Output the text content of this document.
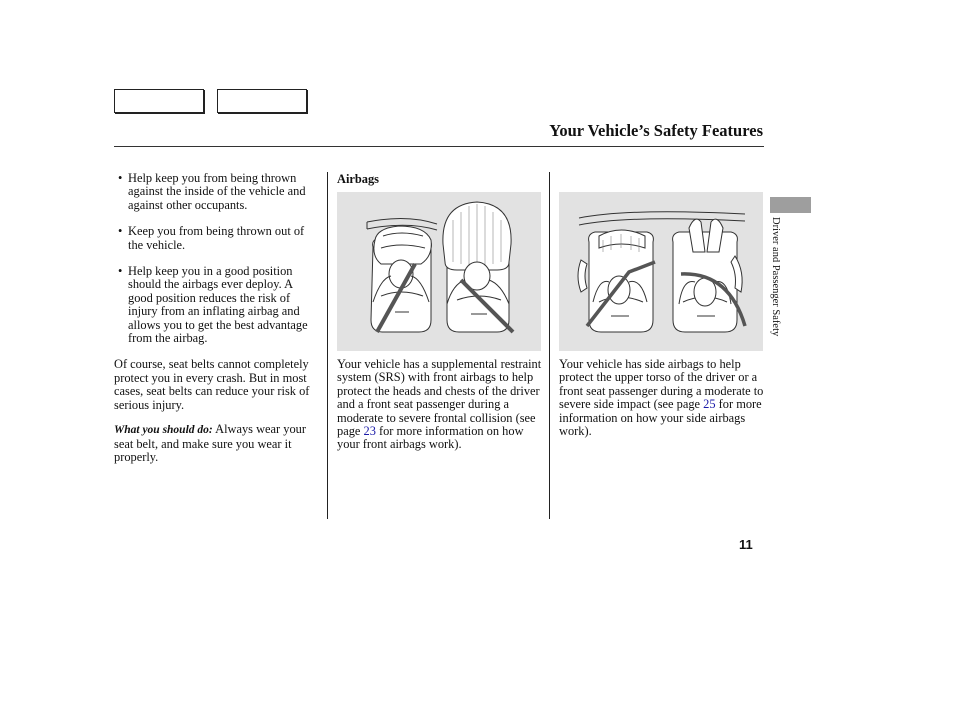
Your Vehicle’s Safety Features
• Help keep you from being thrown against the inside of the vehicle and against other occupants.
• Keep you from being thrown out of the vehicle.
• Help keep you in a good position should the airbags ever deploy. A good position reduces the risk of injury from an inflating airbag and allows you to get the best advantage from the airbag.

Of course, seat belts cannot completely protect you in every crash. But in most cases, seat belts can reduce your risk of serious injury.

What you should do: Always wear your seat belt, and make sure you wear it properly.

Airbags

Your vehicle has a supplemental restraint system (SRS) with front airbags to help protect the heads and chests of the driver and a front seat passenger during a moderate to severe frontal collision (see page 23 for more information on how your front airbags work).

Your vehicle has side airbags to help protect the upper torso of the driver or a front seat passenger during a moderate to severe side impact (see page 25 for more information on how your side airbags work).

Driver and Passenger Safety
11
